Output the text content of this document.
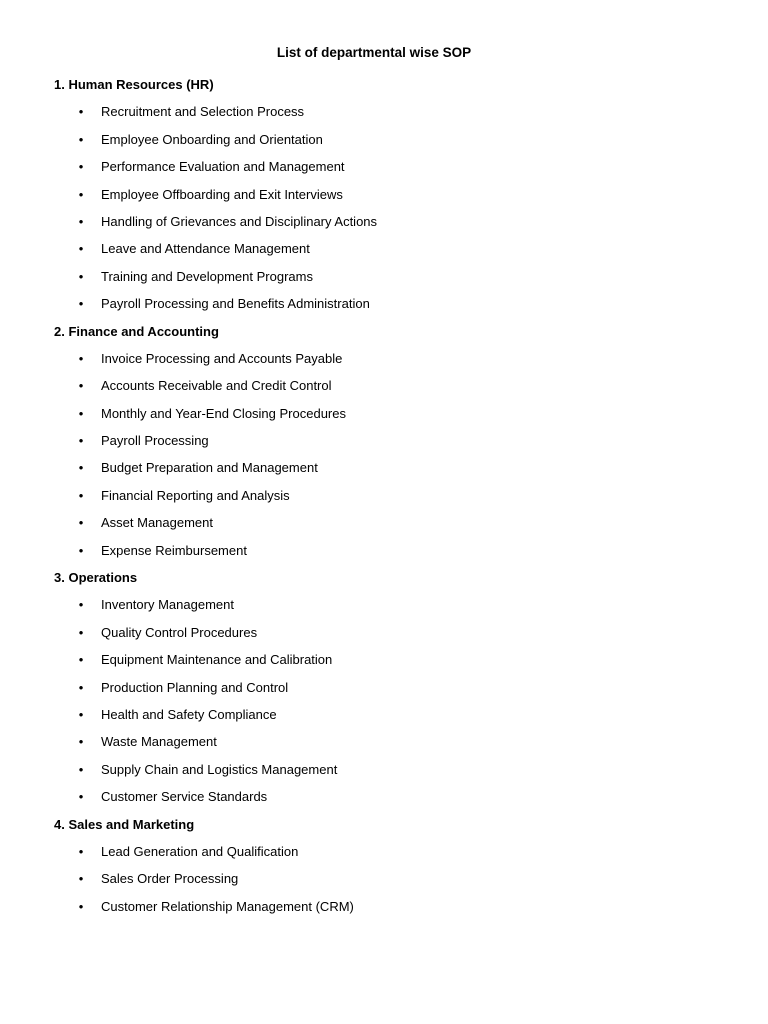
List of departmental wise SOP
1. Human Resources (HR)
• Recruitment and Selection Process
• Employee Onboarding and Orientation
• Performance Evaluation and Management
• Employee Offboarding and Exit Interviews
• Handling of Grievances and Disciplinary Actions
• Leave and Attendance Management
• Training and Development Programs
• Payroll Processing and Benefits Administration
2. Finance and Accounting
• Invoice Processing and Accounts Payable
• Accounts Receivable and Credit Control
• Monthly and Year-End Closing Procedures
• Payroll Processing
• Budget Preparation and Management
• Financial Reporting and Analysis
• Asset Management
• Expense Reimbursement
3. Operations
• Inventory Management
• Quality Control Procedures
• Equipment Maintenance and Calibration
• Production Planning and Control
• Health and Safety Compliance
• Waste Management
• Supply Chain and Logistics Management
• Customer Service Standards
4. Sales and Marketing
• Lead Generation and Qualification
• Sales Order Processing
• Customer Relationship Management (CRM)
